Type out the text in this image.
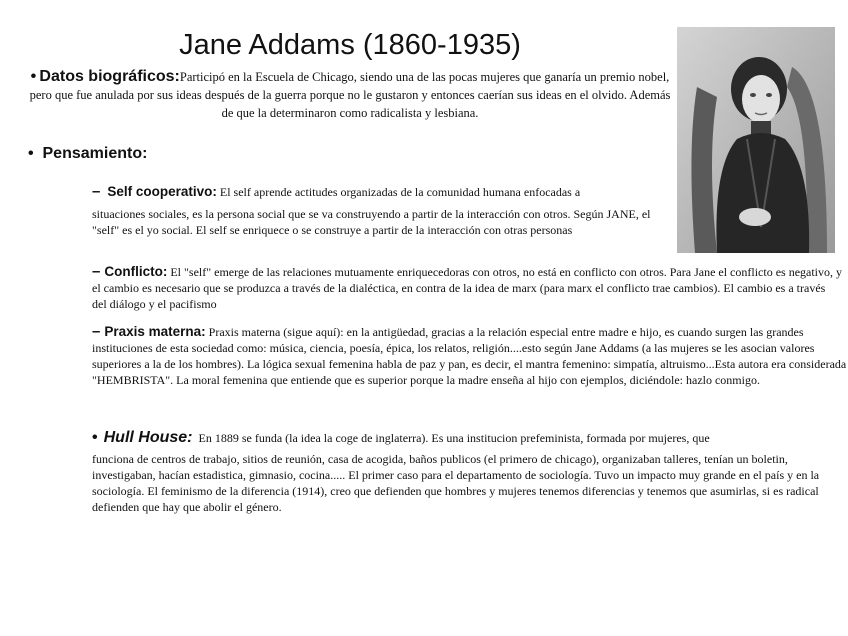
Jane Addams (1860-1935)
• Datos biográficos:Participó en la Escuela de Chicago, siendo una de las pocas mujeres que ganaría un premio nobel, pero que fue anulada por sus ideas después de la guerra porque no le gustaron y entonces caerían sus ideas en el olvido. Además de que la determinaron como radicalista y lesbiana.
• Pensamiento:
– Self cooperativo: El self aprende actitudes organizadas de la comunidad humana enfocadas a
situaciones sociales, es la persona social que se va construyendo a partir de la interacción con otros. Según JANE, el "self" es el yo social. El self se enriquece o se construye a partir de la interacción con otras personas
– Conflicto: El "self" emerge de las relaciones mutuamente enriquecedoras con otros, no está en conflicto con otros. Para Jane el conflicto es negativo, y el cambio es necesario que se produzca a través de la dialéctica, en contra de la idea de marx (para marx el conflicto trae cambios). El cambio es a través del diálogo y el pacifismo
– Praxis materna: Praxis materna (sigue aquí): en la antigüedad, gracias a la relación especial entre madre e hijo, es cuando surgen las grandes instituciones de esta sociedad como: música, ciencia, poesía, épica, los relatos, religión....esto según Jane Addams (a las mujeres se les asocian valores superiores a la de los hombres). La lógica sexual femenina habla de paz y pan, es decir, el mantra femenino: simpatía, altruismo...Esta autora era considerada "HEMBRISTA". La moral femenina que entiende que es superior porque la madre enseña al hijo con ejemplos, diciéndole: hazlo conmigo.
• Hull House: En 1889 se funda (la idea la coge de inglaterra). Es una institucion prefeminista, formada por mujeres, que
funciona de centros de trabajo, sitios de reunión, casa de acogida, baños publicos (el primero de chicago), organizaban talleres, tenían un boletin, investigaban, hacían estadistica, gimnasio, cocina..... El primer caso para el departamento de sociología. Tuvo un impacto muy grande en el país y en la sociología. El feminismo de la diferencia (1914), creo que defienden que hombres y mujeres tenemos diferencias y tenemos que asumirlas, si es radical defienden que hay que abolir el género.
